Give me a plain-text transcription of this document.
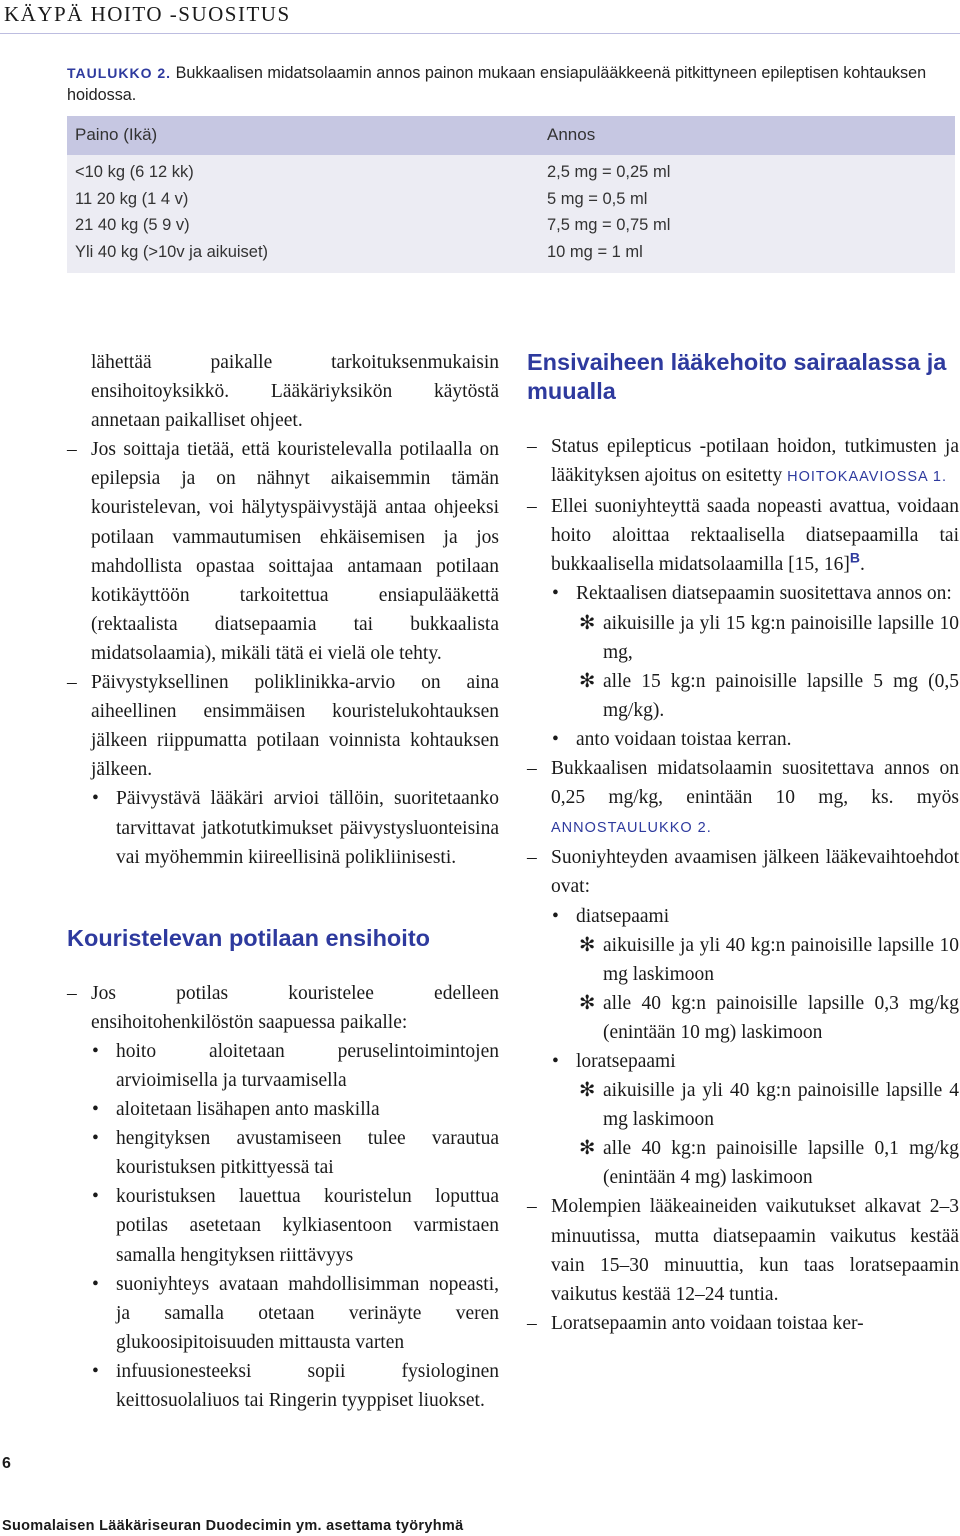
KÄYPÄ HOITO -SUOSITUS
TAULUKKO 2. Bukkaalisen midatsolaamin annos painon mukaan ensiapulääkkeenä pitkittyneen epileptisen kohtauksen hoidossa.
Paino (Ikä)	Annos
<10 kg (6 12 kk)	2,5 mg = 0,25 ml
11 20 kg (1 4 v)	5 mg = 0,5 ml
21 40 kg (5 9 v)	7,5 mg = 0,75 ml
Yli 40 kg (>10v ja aikuiset)	10 mg = 1 ml

lähettää paikalle tarkoituksenmukaisin ensihoitoyksikkö. Lääkäriyksikön käytöstä annetaan paikalliset ohjeet.

– Jos soittaja tietää, että kouristelevalla potilaalla on epilepsia ja on nähnyt aikaisemmin tämän kouristelevan, voi hälytyspäivystäjä antaa ohjeeksi potilaan vammautumisen ehkäisemisen ja jos mahdollista opastaa soittajaa antamaan potilaan kotikäyttöön tarkoitettua ensiapulääkettä (rektaalista diatsepaamia tai bukkaalista midatsolaamia), mikäli tätä ei vielä ole tehty.
– Päivystyksellinen poliklinikka-arvio on aina aiheellinen ensimmäisen kouristelukohtauksen jälkeen riippumatta potilaan voinnista kohtauksen jälkeen.
• Päivystävä lääkäri arvioi tällöin, suoritetaanko tarvittavat jatkotutkimukset päivystysluonteisina vai myöhemmin kiireellisinä polikliinisesti.
Kouristelevan potilaan ensihoito
– Jos potilas kouristelee edelleen ensihoitohenkilöstön saapuessa paikalle:
• hoito aloitetaan peruselintoimintojen arvioimisella ja turvaamisella
• aloitetaan lisähapen anto maskilla
• hengityksen avustamiseen tulee varautua kouristuksen pitkittyessä tai
• kouristuksen lauettua kouristelun loputtua potilas asetetaan kylkiasentoon varmistaen samalla hengityksen riittävyys
• suoniyhteys avataan mahdollisimman nopeasti, ja samalla otetaan verinäyte veren glukoosipitoisuuden mittausta varten
• infuusionesteeksi sopii fysiologinen keittosuolaliuos tai Ringerin tyyppiset liuokset.
Ensivaiheen lääkehoito sairaalassa ja muualla
– Status epilepticus -potilaan hoidon, tutkimusten ja lääkityksen ajoitus on esitetty HOITOKAAVIOSSA 1.
– Ellei suoniyhteyttä saada nopeasti avattua, voidaan hoito aloittaa rektaalisella diatsepaamilla tai bukkaalisella midatsolaamilla [15, 16]$^B$.
• Rektaalisen diatsepaamin suositettava annos on:
✻ aikuisille ja yli 15 kg:n painoisille lapsille 10 mg,
✻ alle 15 kg:n painoisille lapsille 5 mg (0,5 mg/kg).
• anto voidaan toistaa kerran.
– Bukkaalisen midatsolaamin suositettava annos on 0,25 mg/kg, enintään 10 mg, ks. myös ANNOSTAULUKKO 2.
– Suoniyhteyden avaamisen jälkeen lääkevaihtoehdot ovat:
• diatsepaami
✻ aikuisille ja yli 40 kg:n painoisille lapsille 10 mg laskimoon
✻ alle 40 kg:n painoisille lapsille 0,3 mg/kg (enintään 10 mg) laskimoon
• loratsepaami
✻ aikuisille ja yli 40 kg:n painoisille lapsille 4 mg laskimoon
✻ alle 40 kg:n painoisille lapsille 0,1 mg/kg (enintään 4 mg) laskimoon
– Molempien lääkeaineiden vaikutukset alkavat 2–3 minuutissa, mutta diatsepaamin vaikutus kestää vain 15–30 minuuttia, kun taas loratsepaamin vaikutus kestää 12–24 tuntia.
– Loratsepaamin anto voidaan toistaa ker-
6
Suomalaisen Lääkäriseuran Duodecimin ym. asettama työryhmä
